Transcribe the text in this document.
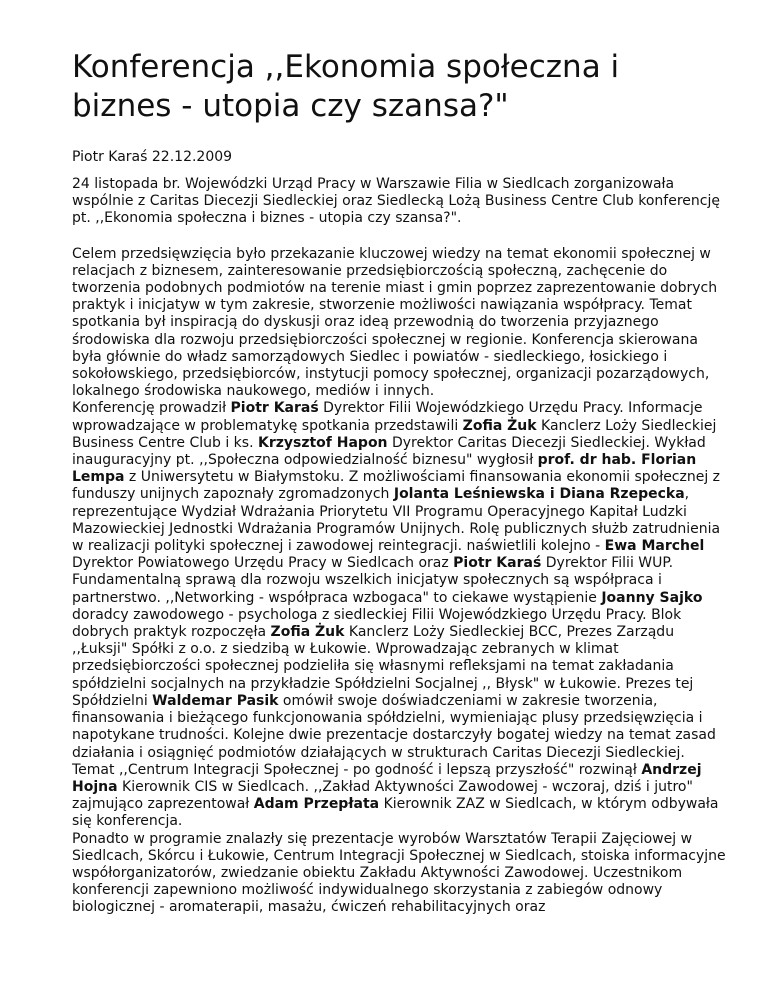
Konferencja ,,Ekonomia społeczna i biznes - utopia czy szansa?"

Piotr Karaś 22.12.2009

24 listopada br. Wojewódzki Urząd Pracy w Warszawie Filia w Siedlcach zorganizowała wspólnie z Caritas Diecezji Siedleckiej oraz Siedlecką Lożą Business Centre Club konferencję pt. ,,Ekonomia społeczna i biznes - utopia czy szansa?".

Celem przedsięwzięcia było przekazanie kluczowej wiedzy na temat ekonomii społecznej w relacjach z biznesem, zainteresowanie przedsiębiorczością społeczną, zachęcenie do tworzenia podobnych podmiotów na terenie miast i gmin poprzez zaprezentowanie dobrych praktyk i inicjatyw w tym zakresie, stworzenie możliwości nawiązania współpracy. Temat spotkania był inspiracją do dyskusji oraz ideą przewodnią do tworzenia przyjaznego środowiska dla rozwoju przedsiębiorczości społecznej w regionie. Konferencja skierowana była głównie do władz samorządowych Siedlec i powiatów - siedleckiego, łosickiego i sokołowskiego, przedsiębiorców, instytucji pomocy społecznej, organizacji pozarządowych, lokalnego środowiska naukowego, mediów i innych.
Konferencję prowadził Piotr Karaś Dyrektor Filii Wojewódzkiego Urzędu Pracy. Informacje wprowadzające w problematykę spotkania przedstawili Zofia Żuk Kanclerz Loży Siedleckiej Business Centre Club i ks. Krzysztof Hapon Dyrektor Caritas Diecezji Siedleckiej. Wykład inauguracyjny pt. ,,Społeczna odpowiedzialność biznesu" wygłosił prof. dr hab. Florian Lempa z Uniwersytetu w Białymstoku. Z możliwościami finansowania ekonomii społecznej z funduszy unijnych zapoznały zgromadzonych Jolanta Leśniewska i Diana Rzepecka, reprezentujące Wydział Wdrażania Priorytetu VII Programu Operacyjnego Kapitał Ludzki Mazowieckiej Jednostki Wdrażania Programów Unijnych. Rolę publicznych służb zatrudnienia w realizacji polityki społecznej i zawodowej reintegracji. naświetlili kolejno - Ewa Marchel Dyrektor Powiatowego Urzędu Pracy w Siedlcach oraz Piotr Karaś Dyrektor Filii WUP. Fundamentalną sprawą dla rozwoju wszelkich inicjatyw społecznych są współpraca i partnerstwo. ,,Networking - współpraca wzbogaca" to ciekawe wystąpienie Joanny Sajko doradcy zawodowego - psychologa z siedleckiej Filii Wojewódzkiego Urzędu Pracy. Blok dobrych praktyk rozpoczęła Zofia Żuk Kanclerz Loży Siedleckiej BCC, Prezes Zarządu ,,Łuksji" Spółki z o.o. z siedzibą w Łukowie. Wprowadzając zebranych w klimat przedsiębiorczości społecznej podzieliła się własnymi refleksjami na temat zakładania spółdzielni socjalnych na przykładzie Spółdzielni Socjalnej ,, Błysk" w Łukowie. Prezes tej Spółdzielni Waldemar Pasik omówił swoje doświadczeniami w zakresie tworzenia, finansowania i bieżącego funkcjonowania spółdzielni, wymieniając plusy przedsięwzięcia i napotykane trudności. Kolejne dwie prezentacje dostarczyły bogatej wiedzy na temat zasad działania i osiągnięć podmiotów działających w strukturach Caritas Diecezji Siedleckiej. Temat ,,Centrum Integracji Społecznej - po godność i lepszą przyszłość" rozwinął Andrzej Hojna Kierownik CIS w Siedlcach. ,,Zakład Aktywności Zawodowej - wczoraj, dziś i jutro" zajmująco zaprezentował Adam Przepłata Kierownik ZAZ w Siedlcach, w którym odbywała się konferencja.
Ponadto w programie znalazły się prezentacje wyrobów Warsztatów Terapii Zajęciowej w Siedlcach, Skórcu i Łukowie, Centrum Integracji Społecznej w Siedlcach, stoiska informacyjne współorganizatorów, zwiedzanie obiektu Zakładu Aktywności Zawodowej. Uczestnikom konferencji zapewniono możliwość indywidualnego skorzystania z zabiegów odnowy biologicznej - aromaterapii, masażu, ćwiczeń rehabilitacyjnych oraz
